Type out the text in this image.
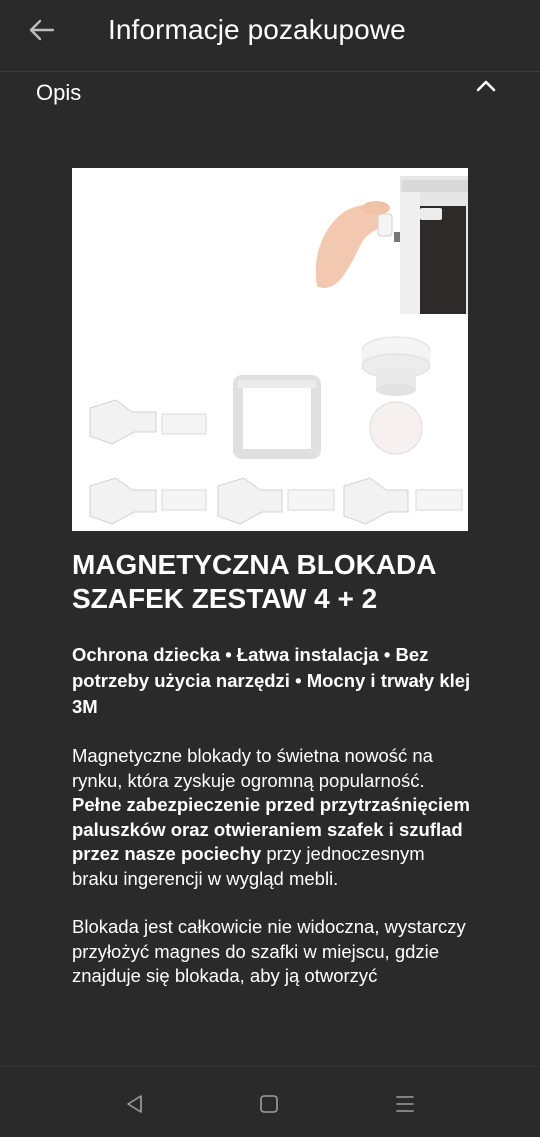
Informacje pozakupowe
Opis
MAGNETYCZNA BLOKADA SZAFEK ZESTAW 4 + 2
Ochrona dziecka • Łatwa instalacja • Bez potrzeby użycia narzędzi • Mocny i trwały klej 3M

Magnetyczne blokady to świetna nowość na rynku, która zyskuje ogromną popularność. Pełne zabezpieczenie przed przytrzaśnięciem paluszków oraz otwieraniem szafek i szuflad przez nasze pociechy przy jednoczesnym braku ingerencji w wygląd mebli.

Blokada jest całkowicie nie widoczna, wystarczy przyłożyć magnes do szafki w miejscu, gdzie znajduje się blokada, aby ją otworzyć
